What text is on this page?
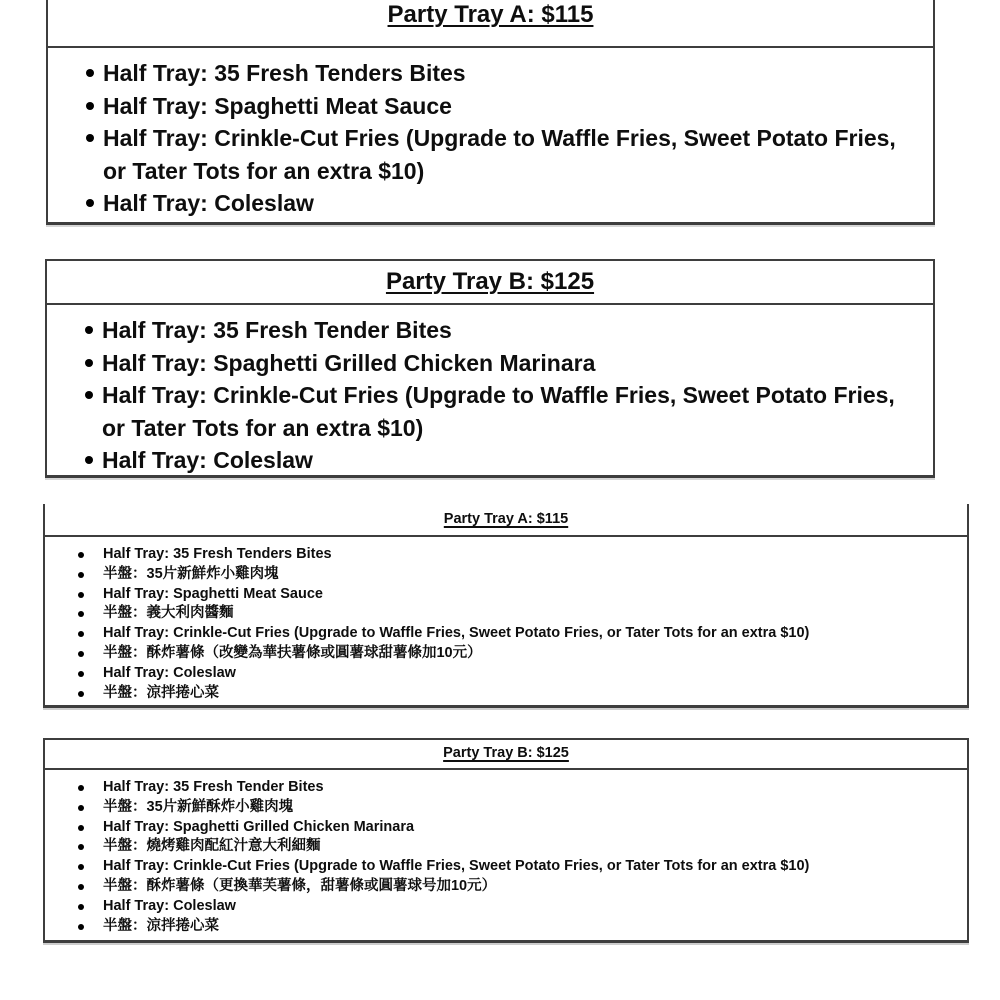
Party Tray A: $115
Half Tray: 35 Fresh Tenders Bites
Half Tray: Spaghetti Meat Sauce
Half Tray: Crinkle-Cut Fries (Upgrade to Waffle Fries, Sweet Potato Fries, or Tater Tots for an extra $10)
Half Tray: Coleslaw
Party Tray B: $125
Half Tray: 35 Fresh Tender Bites
Half Tray: Spaghetti Grilled Chicken Marinara
Half Tray: Crinkle-Cut Fries (Upgrade to Waffle Fries, Sweet Potato Fries, or Tater Tots for an extra $10)
Half Tray: Coleslaw
Party Tray A: $115
Half Tray: 35 Fresh Tenders Bites
半盤：35片新鮮炸小雞肉塊
Half Tray: Spaghetti Meat Sauce
半盤：義大利肉醬麵
Half Tray: Crinkle-Cut Fries (Upgrade to Waffle Fries, Sweet Potato Fries, or Tater Tots for an extra $10)
半盤：酥炸薯條（改變為華扶薯條或圓薯球甜薯條加10元）
Half Tray: Coleslaw
半盤：涼拌捲心菜
Party Tray B: $125
Half Tray: 35 Fresh Tender Bites
半盤：35片新鮮酥炸小雞肉塊
Half Tray: Spaghetti Grilled Chicken Marinara
半盤：燒烤雞肉配紅汁意大利細麵
Half Tray: Crinkle-Cut Fries (Upgrade to Waffle Fries, Sweet Potato Fries, or Tater Tots for an extra $10)
半盤：酥炸薯條（更換華芙薯條，甜薯條或圓薯球号加10元）
Half Tray: Coleslaw
半盤：涼拌捲心菜
